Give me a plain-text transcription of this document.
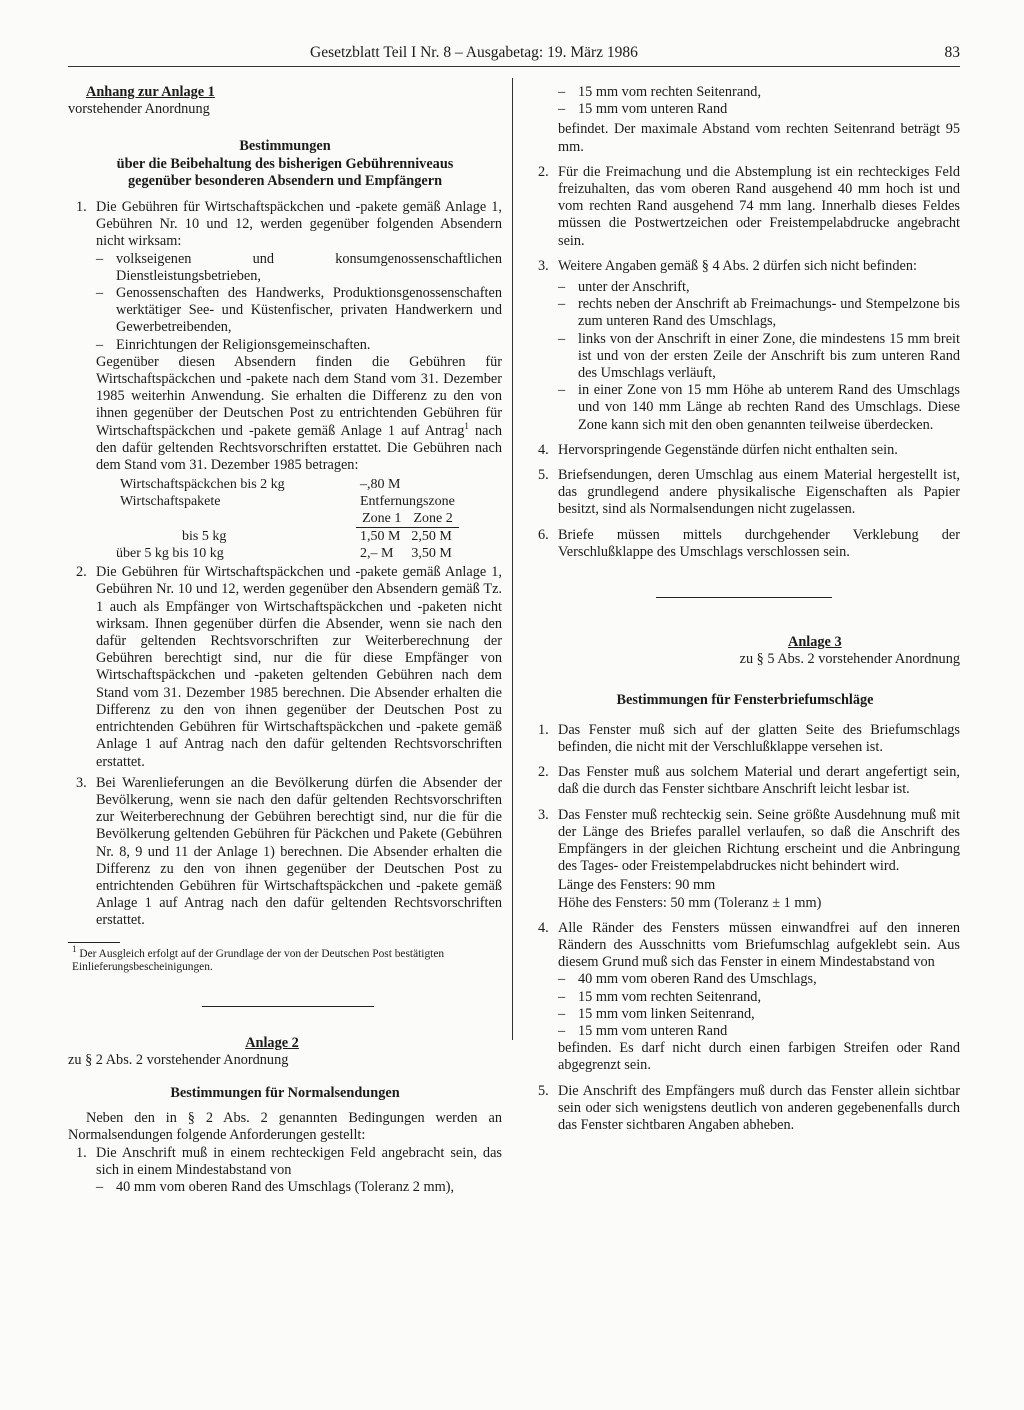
Gesetzblatt Teil I Nr. 8 – Ausgabetag: 19. März 1986	83

Anhang zur Anlage 1

vorstehender Anordnung

Bestimmungen

über die Beibehaltung des bisherigen Gebührenniveaus

gegenüber besonderen Absendern und Empfängern

1. Die Gebühren für Wirtschaftspäckchen und -pakete gemäß Anlage 1, Gebühren Nr. 10 und 12, werden gegenüber folgenden Absendern nicht wirksam:
– volkseigenen und konsumgenossenschaftlichen Dienstleistungsbetrieben,
– Genossenschaften des Handwerks, Produktionsgenossenschaften werktätiger See- und Küstenfischer, privaten Handwerkern und Gewerbetreibenden,
– Einrichtungen der Religionsgemeinschaften.
Gegenüber diesen Absendern finden die Gebühren für Wirtschaftspäckchen und -pakete nach dem Stand vom 31. Dezember 1985 weiterhin Anwendung. Sie erhalten die Differenz zu den von ihnen gegenüber der Deutschen Post zu entrichtenden Gebühren für Wirtschaftspäckchen und -pakete gemäß Anlage 1 auf Antrag$^1$ nach den dafür geltenden Rechtsvorschriften erstattet. Die Gebühren nach dem Stand vom 31. Dezember 1985 betragen:
Wirtschaftspäckchen bis 2 kg	–,80 M	
Wirtschaftspakete	Entfernungszone	
	Zone 1	Zone 2
bis 5 kg	1,50 M	2,50 M
über 5 kg bis 10 kg	2,– M	3,50 M
2. Die Gebühren für Wirtschaftspäckchen und -pakete gemäß Anlage 1, Gebühren Nr. 10 und 12, werden gegenüber den Absendern gemäß Tz. 1 auch als Empfänger von Wirtschaftspäckchen und -paketen nicht wirksam. Ihnen gegenüber dürfen die Absender, wenn sie nach den dafür geltenden Rechtsvorschriften zur Weiterberechnung der Gebühren berechtigt sind, nur die für diese Empfänger von Wirtschaftspäckchen und -paketen geltenden Gebühren nach dem Stand vom 31. Dezember 1985 berechnen. Die Absender erhalten die Differenz zu den von ihnen gegenüber der Deutschen Post zu entrichtenden Gebühren für Wirtschaftspäckchen und -pakete gemäß Anlage 1 auf Antrag nach den dafür geltenden Rechtsvorschriften erstattet.
3. Bei Warenlieferungen an die Bevölkerung dürfen die Absender der Bevölkerung, wenn sie nach den dafür geltenden Rechtsvorschriften zur Weiterberechnung der Gebühren berechtigt sind, nur die für die Bevölkerung geltenden Gebühren für Päckchen und Pakete (Gebühren Nr. 8, 9 und 11 der Anlage 1) berechnen. Die Absender erhalten die Differenz zu den von ihnen gegenüber der Deutschen Post zu entrichtenden Gebühren für Wirtschaftspäckchen und -pakete gemäß Anlage 1 auf Antrag nach den dafür geltenden Rechtsvorschriften erstattet.
$^1$ Der Ausgleich erfolgt auf der Grundlage der von der Deutschen Post bestätigten Einlieferungsbescheinigungen.

Anlage 2

zu § 2 Abs. 2 vorstehender Anordnung

Bestimmungen für Normalsendungen

Neben den in § 2 Abs. 2 genannten Bedingungen werden an Normalsendungen folgende Anforderungen gestellt:

1. Die Anschrift muß in einem rechteckigen Feld angebracht sein, das sich in einem Mindestabstand von
– 40 mm vom oberen Rand des Umschlags (Toleranz 2 mm),
– 15 mm vom rechten Seitenrand,
– 15 mm vom unteren Rand
befindet. Der maximale Abstand vom rechten Seitenrand beträgt 95 mm.
2. Für die Freimachung und die Abstemplung ist ein rechteckiges Feld freizuhalten, das vom oberen Rand ausgehend 40 mm hoch ist und vom rechten Rand ausgehend 74 mm lang. Innerhalb dieses Feldes müssen die Postwertzeichen oder Freistempelabdrucke angebracht sein.
3. Weitere Angaben gemäß § 4 Abs. 2 dürfen sich nicht befinden:
– unter der Anschrift,
– rechts neben der Anschrift ab Freimachungs- und Stempelzone bis zum unteren Rand des Umschlags,
– links von der Anschrift in einer Zone, die mindestens 15 mm breit ist und von der ersten Zeile der Anschrift bis zum unteren Rand des Umschlags verläuft,
– in einer Zone von 15 mm Höhe ab unterem Rand des Umschlags und von 140 mm Länge ab rechten Rand des Umschlags. Diese Zone kann sich mit den oben genannten teilweise überdecken.
4. Hervorspringende Gegenstände dürfen nicht enthalten sein.
5. Briefsendungen, deren Umschlag aus einem Material hergestellt ist, das grundlegend andere physikalische Eigenschaften als Papier besitzt, sind als Normalsendungen nicht zugelassen.
6. Briefe müssen mittels durchgehender Verklebung der Verschlußklappe des Umschlags verschlossen sein.

Anlage 3

zu § 5 Abs. 2 vorstehender Anordnung

Bestimmungen für Fensterbriefumschläge

1. Das Fenster muß sich auf der glatten Seite des Briefumschlags befinden, die nicht mit der Verschlußklappe versehen ist.
2. Das Fenster muß aus solchem Material und derart angefertigt sein, daß die durch das Fenster sichtbare Anschrift leicht lesbar ist.
3. Das Fenster muß rechteckig sein. Seine größte Ausdehnung muß mit der Länge des Briefes parallel verlaufen, so daß die Anschrift des Empfängers in der gleichen Richtung erscheint und die Anbringung des Tages- oder Freistempelabdruckes nicht behindert wird.
Länge des Fensters: 90 mm
Höhe des Fensters: 50 mm (Toleranz ± 1 mm)
4. Alle Ränder des Fensters müssen einwandfrei auf den inneren Rändern des Ausschnitts vom Briefumschlag aufgeklebt sein. Aus diesem Grund muß sich das Fenster in einem Mindestabstand von
– 40 mm vom oberen Rand des Umschlags,
– 15 mm vom rechten Seitenrand,
– 15 mm vom linken Seitenrand,
– 15 mm vom unteren Rand
befinden. Es darf nicht durch einen farbigen Streifen oder Rand abgegrenzt sein.
5. Die Anschrift des Empfängers muß durch das Fenster allein sichtbar sein oder sich wenigstens deutlich von anderen gegebenenfalls durch das Fenster sichtbaren Angaben abheben.
